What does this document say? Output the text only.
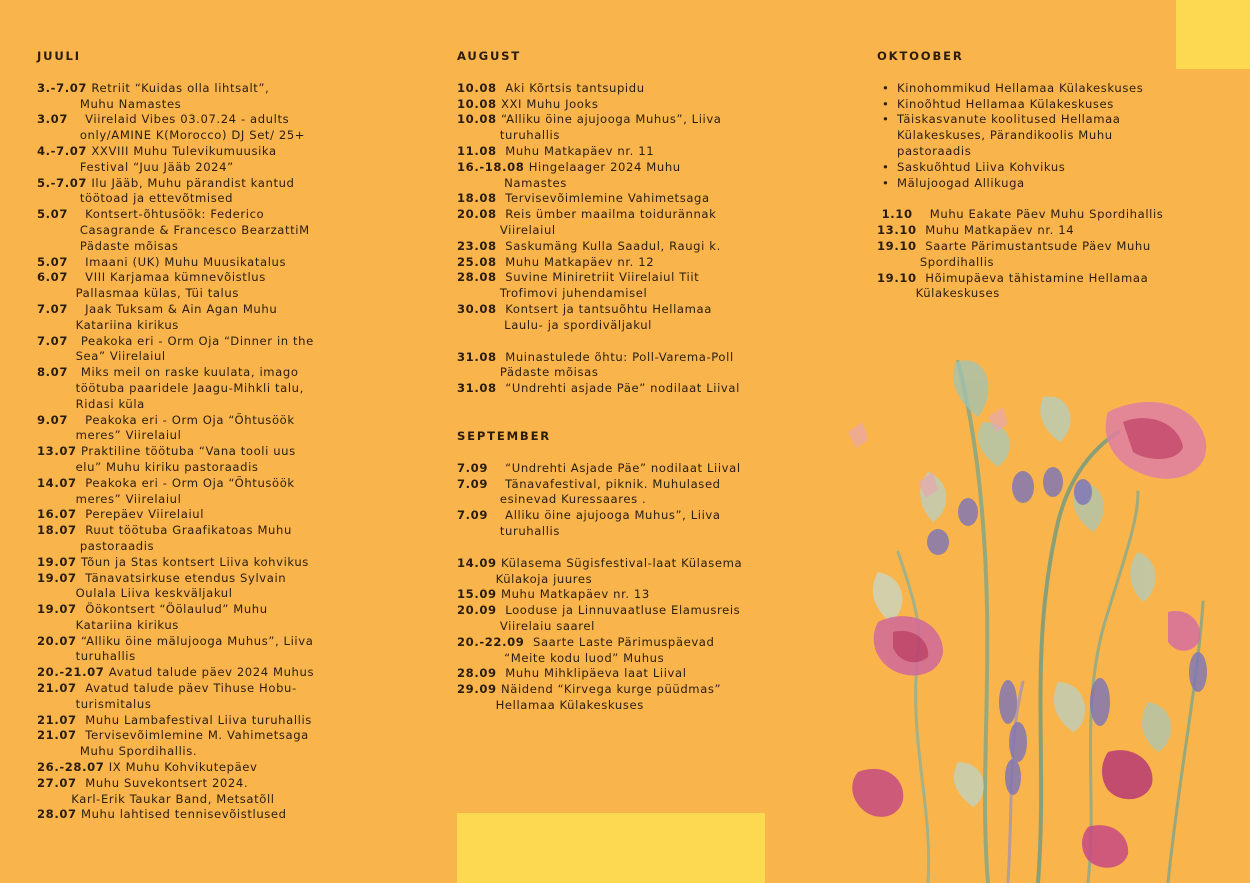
JUULI
3.-7.07 Retriit “Kuidas olla lihtsalt”,
Muhu Namastes
3.07    Viirelaid Vibes 03.07.24 - adults
only/AMINE K(Morocco) DJ Set/ 25+
4.-7.07 XXVIII Muhu Tulevikumuusika
Festival “Juu Jääb 2024”
5.-7.07 Ilu Jääb, Muhu pärandist kantud
töötoad ja ettevõtmised
5.07    Kontsert-õhtusöök: Federico
Casagrande & Francesco BearzattiM
Pädaste mõisas
5.07    Imaani (UK) Muhu Muusikatalus
6.07    VIII Karjamaa kümnevõistlus
Pallasmaa külas, Tüi talus
7.07    Jaak Tuksam & Ain Agan Muhu
Katariina kirikus
7.07   Peakoka eri - Orm Oja “Dinner in the
Sea” Viirelaiul
8.07   Miks meil on raske kuulata, imago
töötuba paaridele Jaagu-Mihkli talu,
Ridasi küla
9.07    Peakoka eri - Orm Oja “Õhtusöök
meres” Viirelaiul
13.07 Praktiline töötuba “Vana tooli uus
elu” Muhu kiriku pastoraadis
14.07  Peakoka eri - Orm Oja “Õhtusöök
meres” Viirelaiul
16.07  Perepäev Viirelaiul
18.07  Ruut töötuba Graafikatoas Muhu
pastoraadis
19.07 Tõun ja Stas kontsert Liiva kohvikus
19.07  Tänavatsirkuse etendus Sylvain
Oulala Liiva keskväljakul
19.07  Öökontsert “Öölaulud” Muhu
Katariina kirikus
20.07 “Alliku öine mälujooga Muhus”, Liiva
turuhallis
20.-21.07 Avatud talude päev 2024 Muhus
21.07  Avatud talude päev Tihuse Hobu-
turismitalus
21.07  Muhu Lambafestival Liiva turuhallis
21.07  Tervisevõimlemine M. Vahimetsaga
Muhu Spordihallis.
26.-28.07 IX Muhu Kohvikutepäev
27.07  Muhu Suvekontsert 2024.
Karl-Erik Taukar Band, Metsatõll
28.07 Muhu lahtised tennisevõistlused
AUGUST
10.08  Aki Kõrtsis tantsupidu
10.08 XXI Muhu Jooks
10.08 “Alliku öine ajujooga Muhus”, Liiva
turuhallis
11.08  Muhu Matkapäev nr. 11
16.-18.08 Hingelaager 2024 Muhu
Namastes
18.08  Tervisevõimlemine Vahimetsaga
20.08  Reis ümber maailma toidurännak
Viirelaiul
23.08  Saskumäng Kulla Saadul, Raugi k.
25.08  Muhu Matkapäev nr. 12
28.08  Suvine Miniretriit Viirelaiul Tiit
Trofimovi juhendamisel
30.08  Kontsert ja tantsuõhtu Hellamaa
Laulu- ja spordiväljakul
31.08  Muinastulede õhtu: Poll-Varema-Poll
Pädaste mõisas
31.08  “Undrehti asjade Päe” nodilaat Liival
SEPTEMBER
7.09    “Undrehti Asjade Päe” nodilaat Liival
7.09    Tänavafestival, piknik. Muhulased
esinevad Kuressaares .
7.09    Alliku öine ajujooga Muhus”, Liiva
turuhallis
14.09 Külasema Sügisfestival-laat Külasema
Külakoja juures
15.09 Muhu Matkapäev nr. 13
20.09  Looduse ja Linnuvaatluse Elamusreis
Viirelaiu saarel
20.-22.09  Saarte Laste Pärimuspäevad
“Meite kodu luod” Muhus
28.09  Muhu Mihklipäeva laat Liival
29.09 Näidend “Kirvega kurge püüdmas”
Hellamaa Külakeskuses
OKTOOBER
• Kinohommikud Hellamaa Külakeskuses
• Kinoõhtud Hellamaa Külakeskuses
• Täiskasvanute koolitused Hellamaa
Külakeskuses, Pärandikoolis Muhu
pastoraadis
• Saskuõhtud Liiva Kohvikus
• Mälujoogad Allikuga
1.10    Muhu Eakate Päev Muhu Spordihallis
13.10  Muhu Matkapäev nr. 14
19.10  Saarte Pärimustantsude Päev Muhu
Spordihallis
19.10  Hõimupäeva tähistamine Hellamaa
Külakeskuses
